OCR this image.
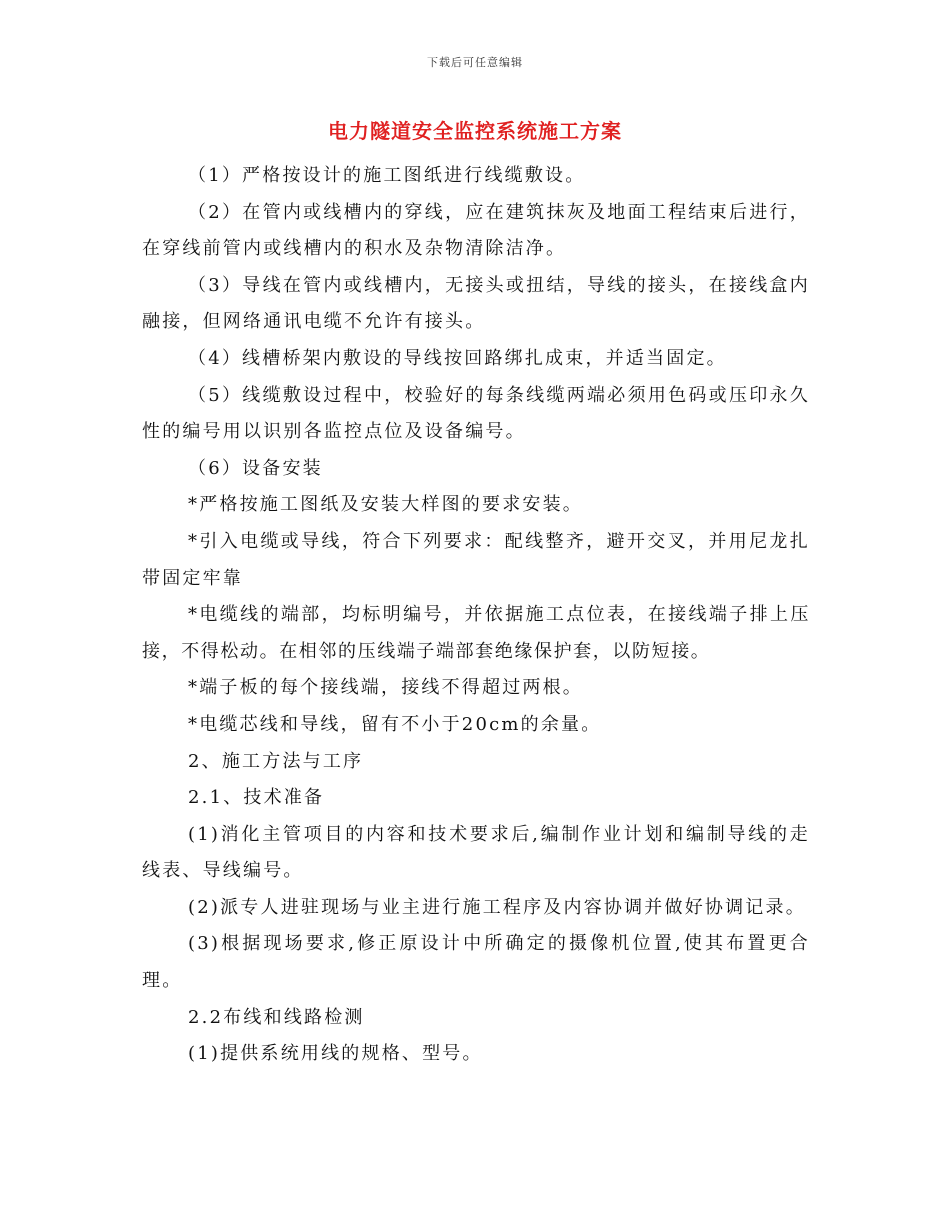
下载后可任意编辑
电力隧道安全监控系统施工方案

（1）严格按设计的施工图纸进行线缆敷设。

（2）在管内或线槽内的穿线，应在建筑抹灰及地面工程结束后进行，在穿线前管内或线槽内的积水及杂物清除洁净。

（3）导线在管内或线槽内，无接头或扭结，导线的接头，在接线盒内融接，但网络通讯电缆不允许有接头。

（4）线槽桥架内敷设的导线按回路绑扎成束，并适当固定。

（5）线缆敷设过程中，校验好的每条线缆两端必须用色码或压印永久性的编号用以识别各监控点位及设备编号。

（6）设备安装

*严格按施工图纸及安装大样图的要求安装。

*引入电缆或导线，符合下列要求：配线整齐，避开交叉，并用尼龙扎带固定牢靠

*电缆线的端部，均标明编号，并依据施工点位表，在接线端子排上压接，不得松动。在相邻的压线端子端部套绝缘保护套，以防短接。

*端子板的每个接线端，接线不得超过两根。

*电缆芯线和导线，留有不小于20cm的余量。

2、施工方法与工序

2.1、技术准备

(1)消化主管项目的内容和技术要求后,编制作业计划和编制导线的走线表、导线编号。

(2)派专人进驻现场与业主进行施工程序及内容协调并做好协调记录。

(3)根据现场要求,修正原设计中所确定的摄像机位置,使其布置更合理。

2.2布线和线路检测

(1)提供系统用线的规格、型号。
